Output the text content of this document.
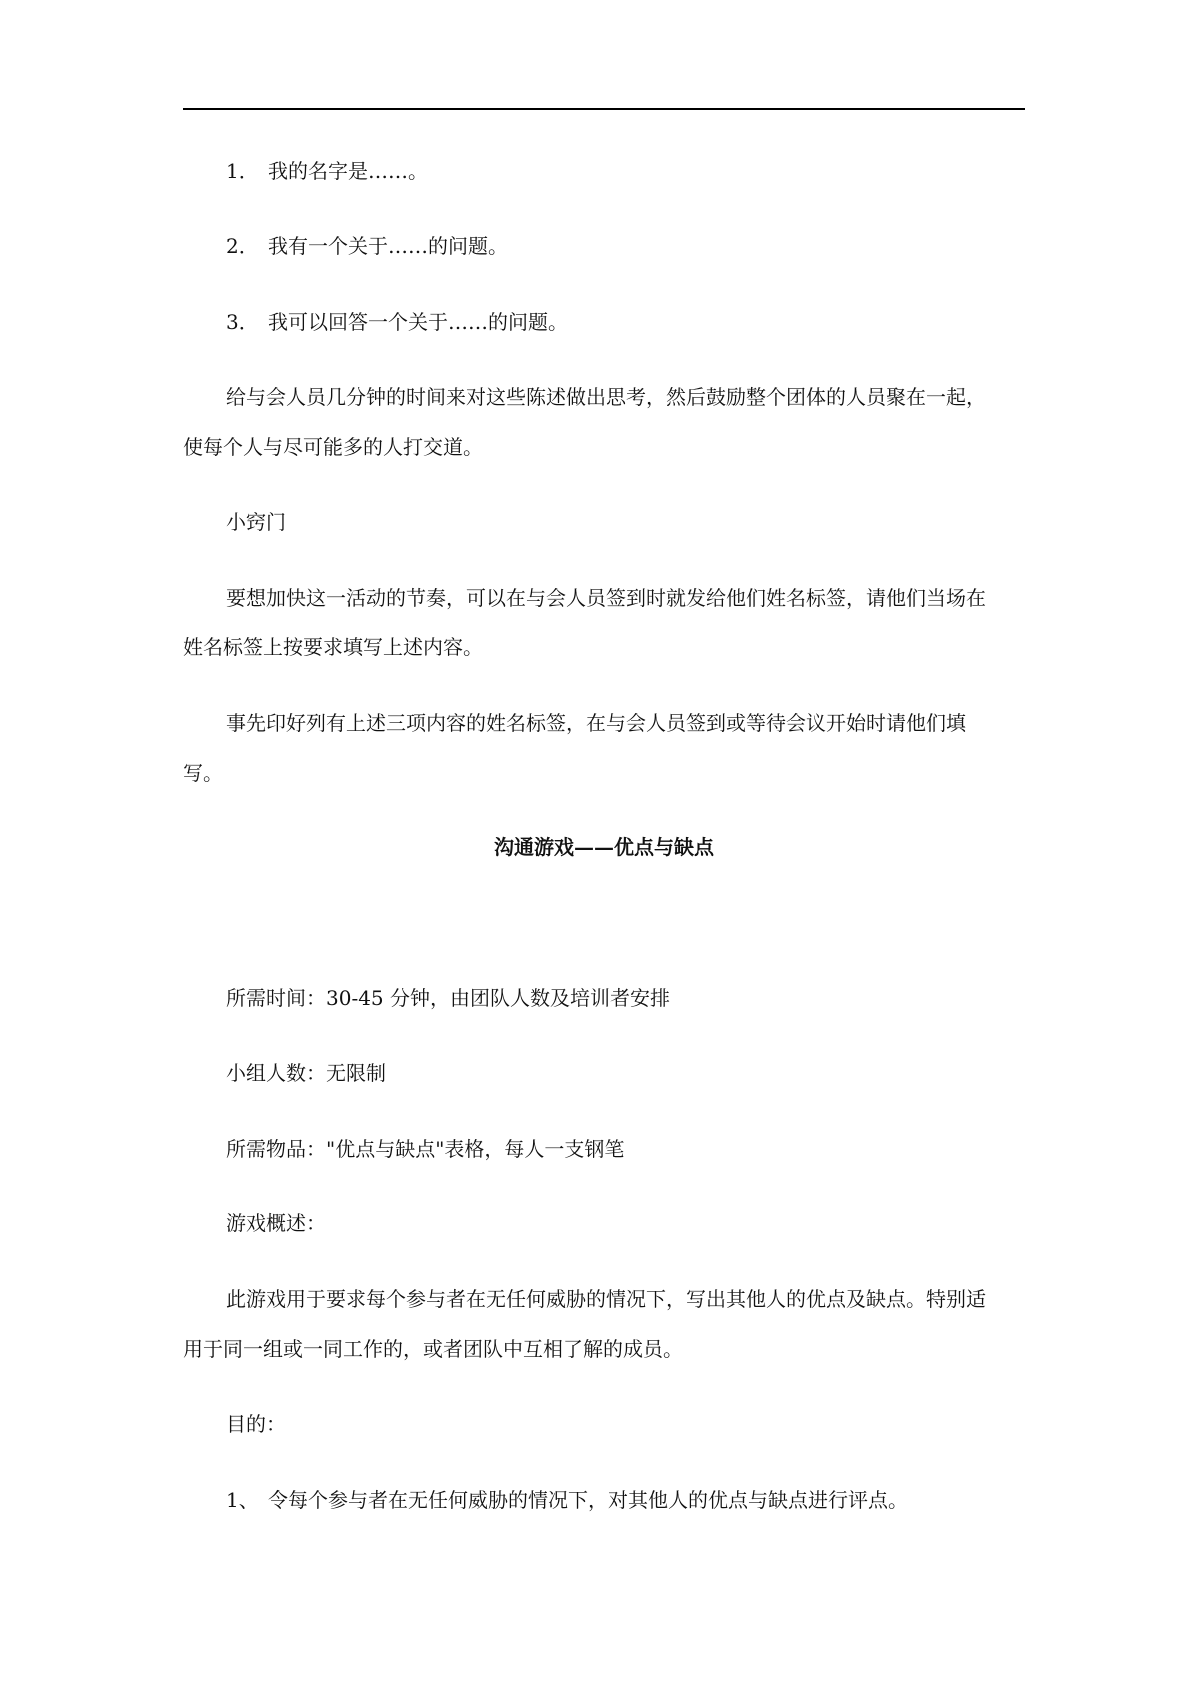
1． 我的名字是……。
2． 我有一个关于……的问题。
3． 我可以回答一个关于……的问题。
给与会人员几分钟的时间来对这些陈述做出思考，然后鼓励整个团体的人员聚在一起，
使每个人与尽可能多的人打交道。
小窍门
要想加快这一活动的节奏，可以在与会人员签到时就发给他们姓名标签，请他们当场在
姓名标签上按要求填写上述内容。
事先印好列有上述三项内容的姓名标签，在与会人员签到或等待会议开始时请他们填
写。
沟通游戏——优点与缺点
所需时间：30-45 分钟，由团队人数及培训者安排
小组人数：无限制
所需物品："优点与缺点"表格，每人一支钢笔
游戏概述：
此游戏用于要求每个参与者在无任何威胁的情况下，写出其他人的优点及缺点。特别适
用于同一组或一同工作的，或者团队中互相了解的成员。
目的：
1、 令每个参与者在无任何威胁的情况下，对其他人的优点与缺点进行评点。
